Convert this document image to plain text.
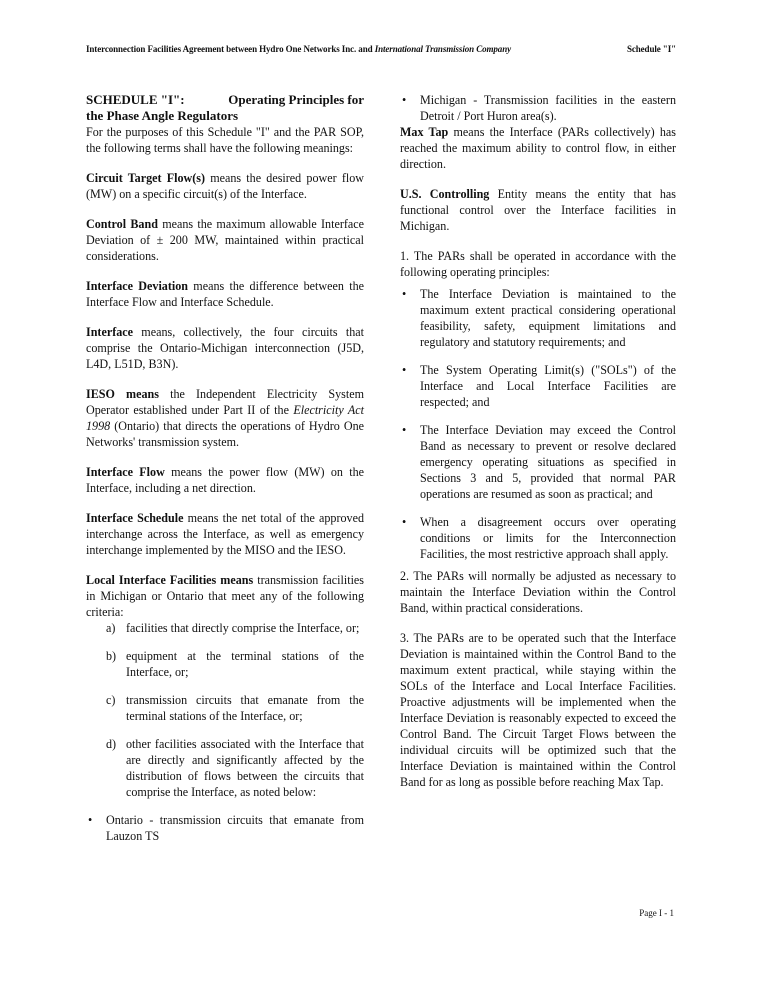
Interconnection Facilities Agreement between Hydro One Networks Inc. and International Transmission Company	Schedule "I"
SCHEDULE "I":	Operating Principles for
the Phase Angle Regulators

For the purposes of this Schedule "I" and the PAR SOP, the following terms shall have the following meanings:

Circuit Target Flow(s) means the desired power flow (MW) on a specific circuit(s) of the Interface.

Control Band means the maximum allowable Interface Deviation of ± 200 MW, maintained within practical considerations.

Interface Deviation means the difference between the Interface Flow and Interface Schedule.

Interface means, collectively, the four circuits that comprise the Ontario-Michigan interconnection (J5D, L4D, L51D, B3N).

IESO means the Independent Electricity System Operator established under Part II of the Electricity Act 1998 (Ontario) that directs the operations of Hydro One Networks' transmission system.

Interface Flow means the power flow (MW) on the Interface, including a net direction.

Interface Schedule means the net total of the approved interchange across the Interface, as well as emergency interchange implemented by the MISO and the IESO.

Local Interface Facilities means transmission facilities in Michigan or Ontario that meet any of the following criteria:

a) facilities that directly comprise the Interface, or;
b) equipment at the terminal stations of the Interface, or;
c) transmission circuits that emanate from the terminal stations of the Interface, or;
d) other facilities associated with the Interface that are directly and significantly affected by the distribution of flows between the circuits that comprise the Interface, as noted below:
• Ontario - transmission circuits that emanate from Lauzon TS
• Michigan - Transmission facilities in the eastern Detroit / Port Huron area(s).

Max Tap means the Interface (PARs collectively) has reached the maximum ability to control flow, in either direction.

U.S. Controlling Entity means the entity that has functional control over the Interface facilities in Michigan.

1. The PARs shall be operated in accordance with the following operating principles:

• The Interface Deviation is maintained to the maximum extent practical considering operational feasibility, safety, equipment limitations and regulatory and statutory requirements; and
• The System Operating Limit(s) ("SOLs") of the Interface and Local Interface Facilities are respected; and
• The Interface Deviation may exceed the Control Band as necessary to prevent or resolve declared emergency operating situations as specified in Sections 3 and 5, provided that normal PAR operations are resumed as soon as practical; and
• When a disagreement occurs over operating conditions or limits for the Interconnection Facilities, the most restrictive approach shall apply.

2. The PARs will normally be adjusted as necessary to maintain the Interface Deviation within the Control Band, within practical considerations.

3. The PARs are to be operated such that the Interface Deviation is maintained within the Control Band to the maximum extent practical, while staying within the SOLs of the Interface and Local Interface Facilities. Proactive adjustments will be implemented when the Interface Deviation is reasonably expected to exceed the Control Band. The Circuit Target Flows between the individual circuits will be optimized such that the Interface Deviation is maintained within the Control Band for as long as possible before reaching Max Tap.

Page I - 1
